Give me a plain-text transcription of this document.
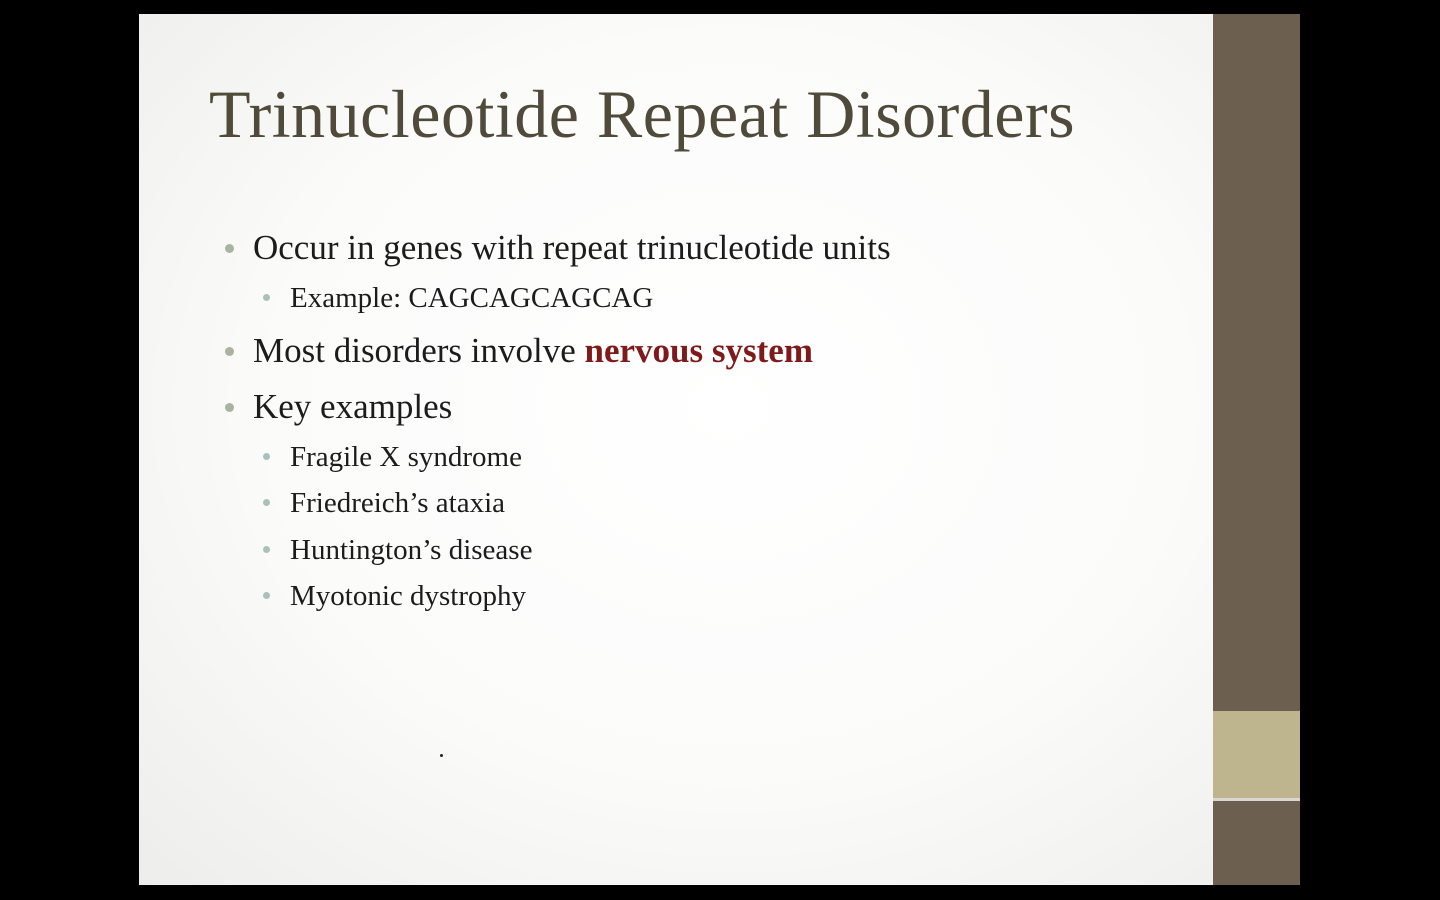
Trinucleotide Repeat Disorders
Occur in genes with repeat trinucleotide units
Example: CAGCAGCAGCAG
Most disorders involve nervous system
Key examples
Fragile X syndrome
Friedreich’s ataxia
Huntington’s disease
Myotonic dystrophy
